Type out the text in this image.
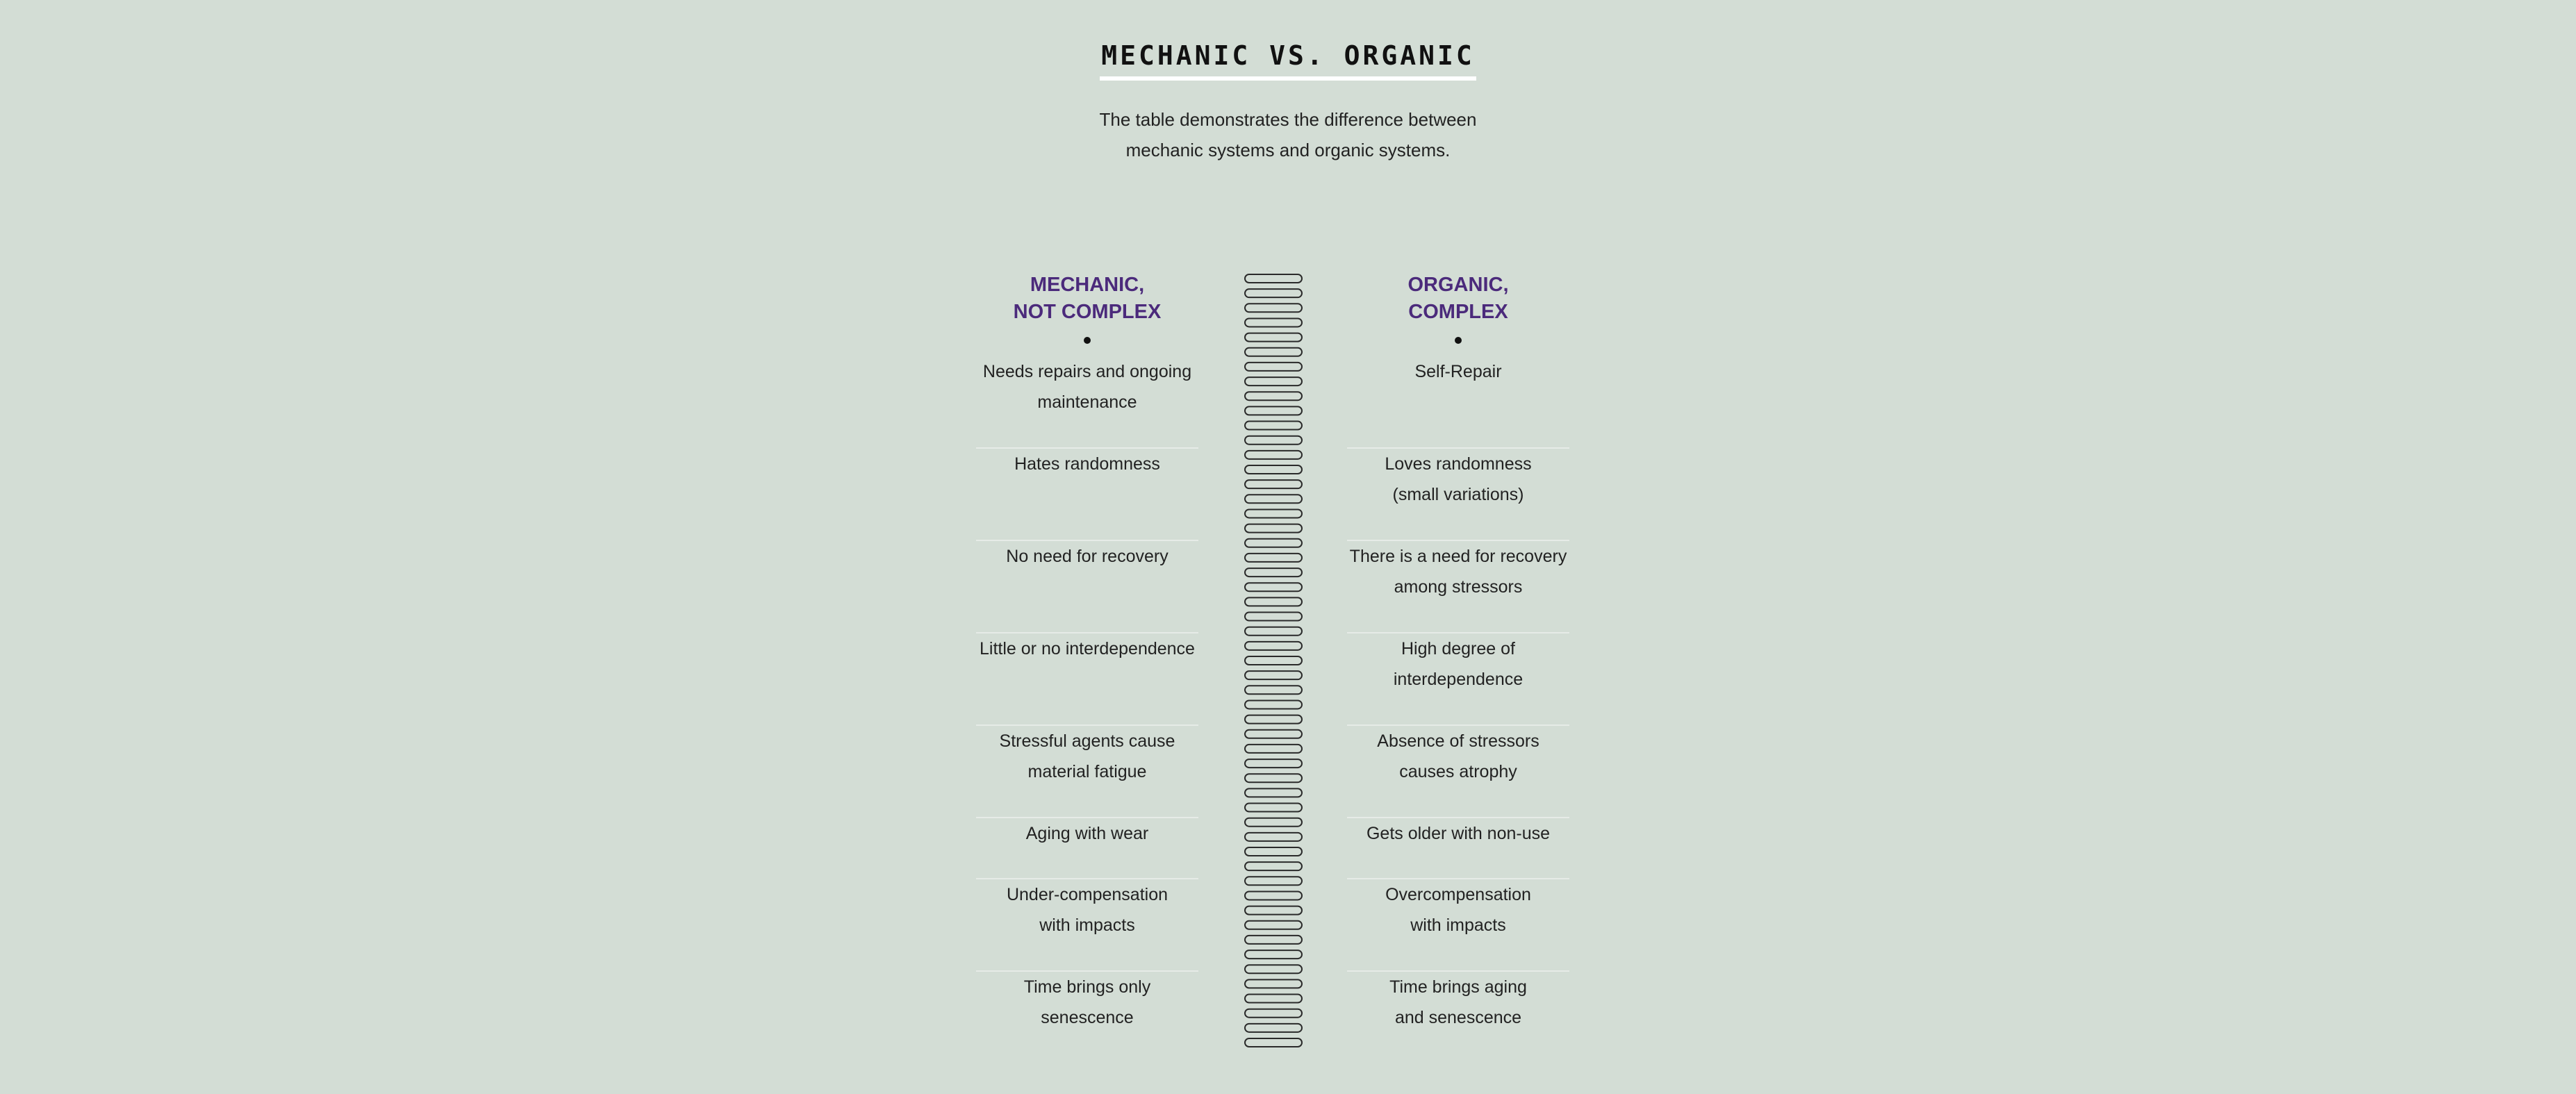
MECHANIC VS. ORGANIC
The table demonstrates the difference between
mechanic systems and organic systems.
MECHANIC,
NOT COMPLEX
Needs repairs and ongoing
maintenance
Hates randomness
No need for recovery
Little or no interdependence
Stressful agents cause
material fatigue
Aging with wear
Under-compensation
with impacts
Time brings only
senescence
ORGANIC,
COMPLEX
Self-Repair
Loves randomness
(small variations)
There is a need for recovery
among stressors
High degree of
interdependence
Absence of stressors
causes atrophy
Gets older with non-use
Overcompensation
with impacts
Time brings aging
and senescence
